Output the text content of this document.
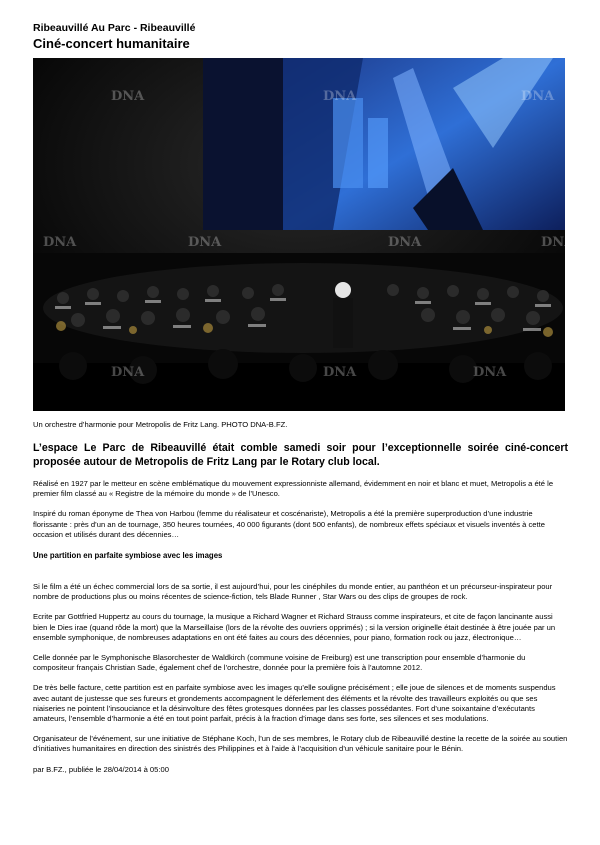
Ribeauvillé Au Parc - Ribeauvillé

Ciné-concert humanitaire
DNA	DNA	DNA
DNA	DNA	DNA	DNA
DNA	DNA	DNA

Un orchestre d’harmonie pour Metropolis de Fritz Lang. PHOTO DNA-B.FZ.

L’espace Le Parc de Ribeauvillé était comble samedi soir pour l’exceptionnelle soirée ciné-concert proposée autour de Metropolis de Fritz Lang par le Rotary club local.

Réalisé en 1927 par le metteur en scène emblématique du mouvement expressionniste allemand, évidemment en noir et blanc et muet, Metropolis a été le premier film classé au « Registre de la mémoire du monde » de l’Unesco.

Inspiré du roman éponyme de Thea von Harbou (femme du réalisateur et coscénariste), Metropolis a été la première superproduction d’une industrie florissante : près d’un an de tournage, 350 heures tournées, 40 000 figurants (dont 500 enfants), de nombreux effets spéciaux et visuels inventés à cette occasion et utilisés durant des décennies…

Une partition en parfaite symbiose avec les images

Si le film a été un échec commercial lors de sa sortie, il est aujourd’hui, pour les cinéphiles du monde entier, au panthéon et un précurseur-inspirateur pour nombre de productions plus ou moins récentes de science-fiction, tels Blade Runner , Star Wars ou des clips de groupes de rock.

Ecrite par Gottfried Huppertz au cours du tournage, la musique a Richard Wagner et Richard Strauss comme inspirateurs, et cite de façon lancinante aussi bien le Dies irae (quand rôde la mort) que la Marseillaise (lors de la révolte des ouvriers opprimés) ; si la version originelle était destinée à être jouée par un ensemble symphonique, de nombreuses adaptations en ont été faites au cours des décennies, pour piano, formation rock ou jazz, électronique…

Celle donnée par le Symphonische Blasorchester de Waldkirch (commune voisine de Freiburg) est une transcription pour ensemble d’harmonie du compositeur français Christian Sade, également chef de l’orchestre, donnée pour la première fois à l’automne 2012.

De très belle facture, cette partition est en parfaite symbiose avec les images qu’elle souligne précisément ; elle joue de silences et de moments suspendus avec autant de justesse que ses fureurs et grondements accompagnent le déferlement des éléments et la révolte des travailleurs exploités ou que ses niaiseries ne pointent l’insouciance et la désinvolture des fêtes grotesques données par les classes possédantes. Fort d’une soixantaine d’exécutants amateurs, l’ensemble d’harmonie a été en tout point parfait, précis à la fraction d’image dans ses forte, ses silences et ses modulations.

Organisateur de l’événement, sur une initiative de Stéphane Koch, l’un de ses membres, le Rotary club de Ribeauvillé destine la recette de la soirée au soutien d’initiatives humanitaires en direction des sinistrés des Philippines et à l’aide à l’acquisition d’un véhicule sanitaire pour le Bénin.

par B.FZ., publiée le 28/04/2014 à 05:00
